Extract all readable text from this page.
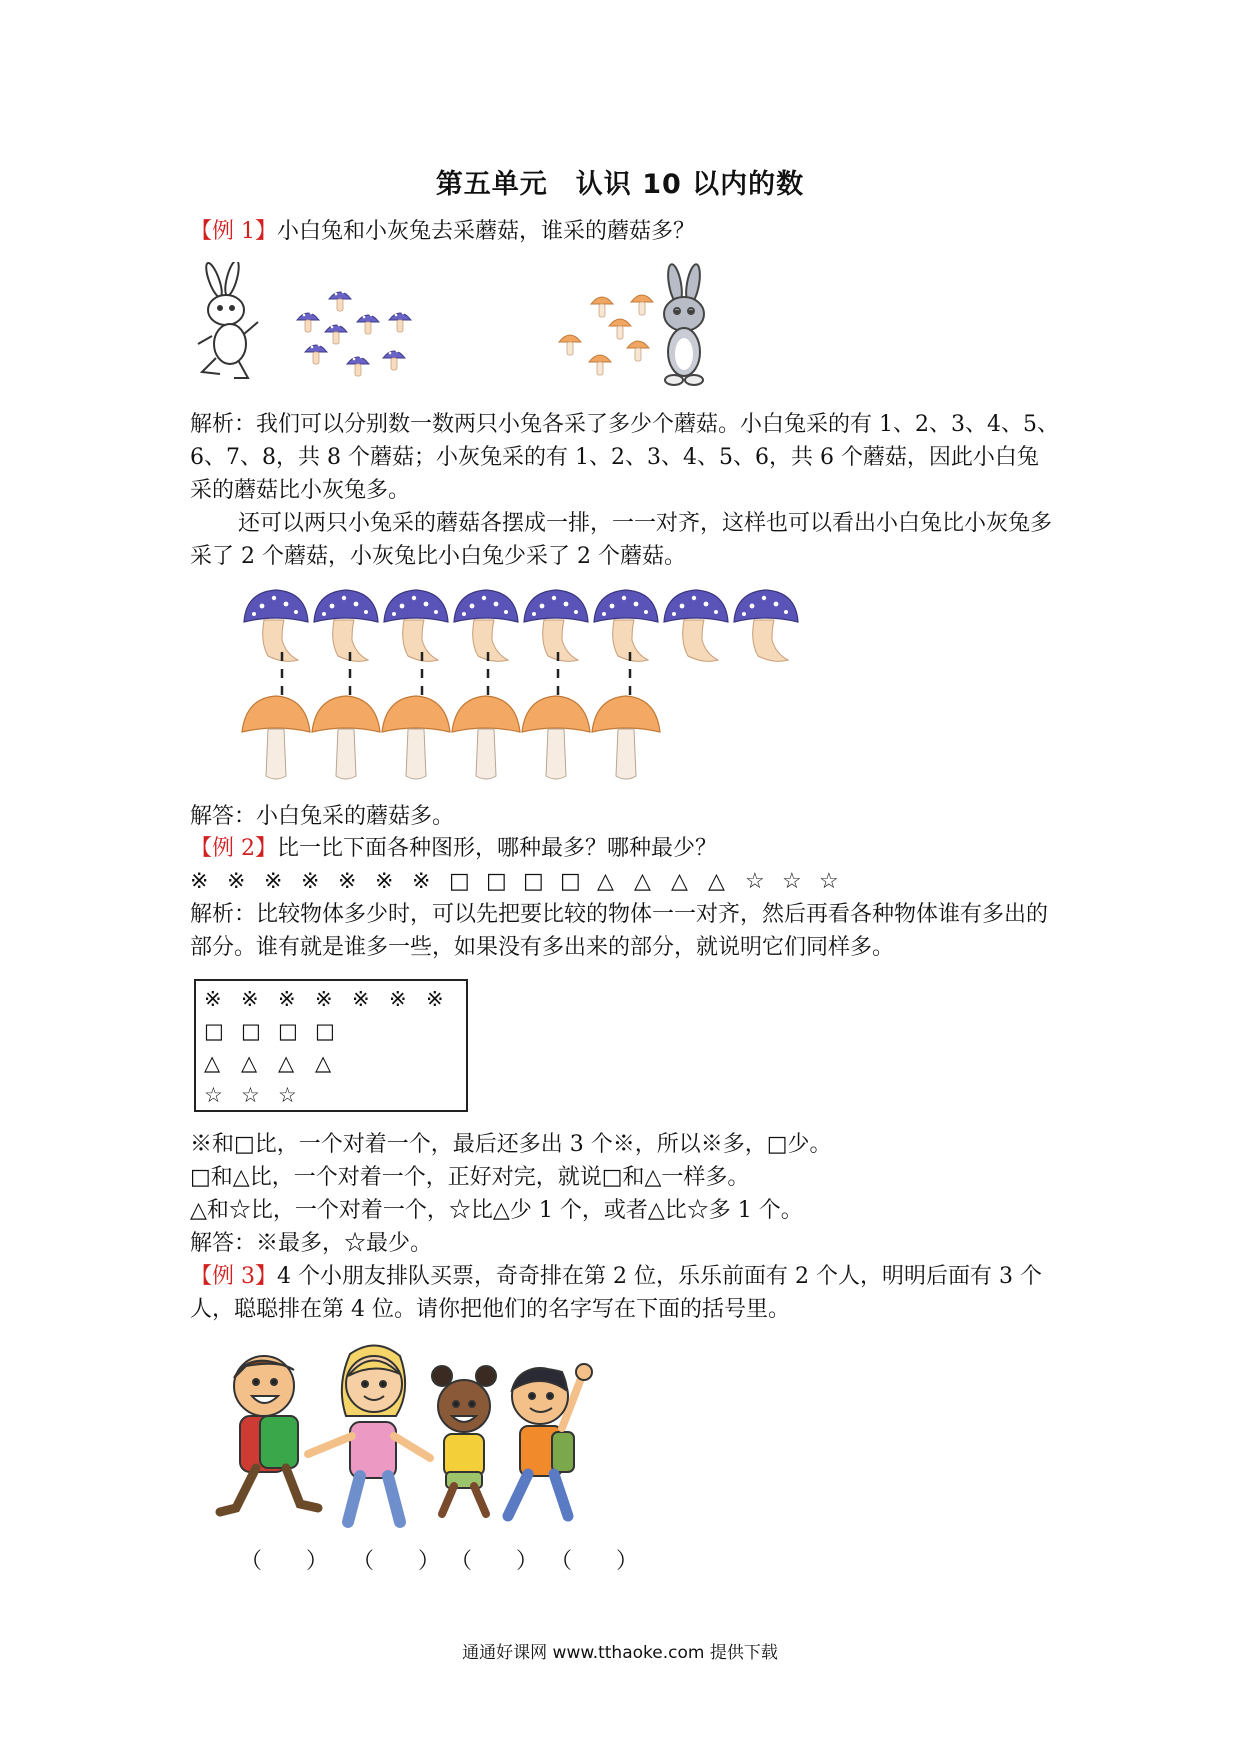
第五单元　认识 10 以内的数
【例 1】小白兔和小灰兔去采蘑菇，谁采的蘑菇多？
解析：我们可以分别数一数两只小兔各采了多少个蘑菇。小白兔采的有 1、2、3、4、5、6、7、8，共 8 个蘑菇；小灰兔采的有 1、2、3、4、5、6，共 6 个蘑菇，因此小白兔采的蘑菇比小灰兔多。
还可以两只小兔采的蘑菇各摆成一排，一一对齐，这样也可以看出小白兔比小灰兔多采了 2 个蘑菇，小灰兔比小白兔少采了 2 个蘑菇。
解答：小白兔采的蘑菇多。
【例 2】比一比下面各种图形，哪种最多？哪种最少？
※ ※ ※ ※ ※ ※ ※ □ □ □ □ △ △ △ △ ☆ ☆ ☆
解析：比较物体多少时，可以先把要比较的物体一一对齐，然后再看各种物体谁有多出的部分。谁有就是谁多一些，如果没有多出来的部分，就说明它们同样多。
※ ※ ※ ※ ※ ※ ※
□ □ □ □
△ △ △ △
☆ ☆ ☆
※和□比，一个对着一个，最后还多出 3 个※，所以※多，□少。
□和△比，一个对着一个，正好对完，就说□和△一样多。
△和☆比，一个对着一个，☆比△少 1 个，或者△比☆多 1 个。
解答：※最多，☆最少。
【例 3】4 个小朋友排队买票，奇奇排在第 2 位，乐乐前面有 2 个人，明明后面有 3 个人，聪聪排在第 4 位。请你把他们的名字写在下面的括号里。
（　　） （　　） （　　） （　　）
通通好课网 www.tthaoke.com 提供下载
